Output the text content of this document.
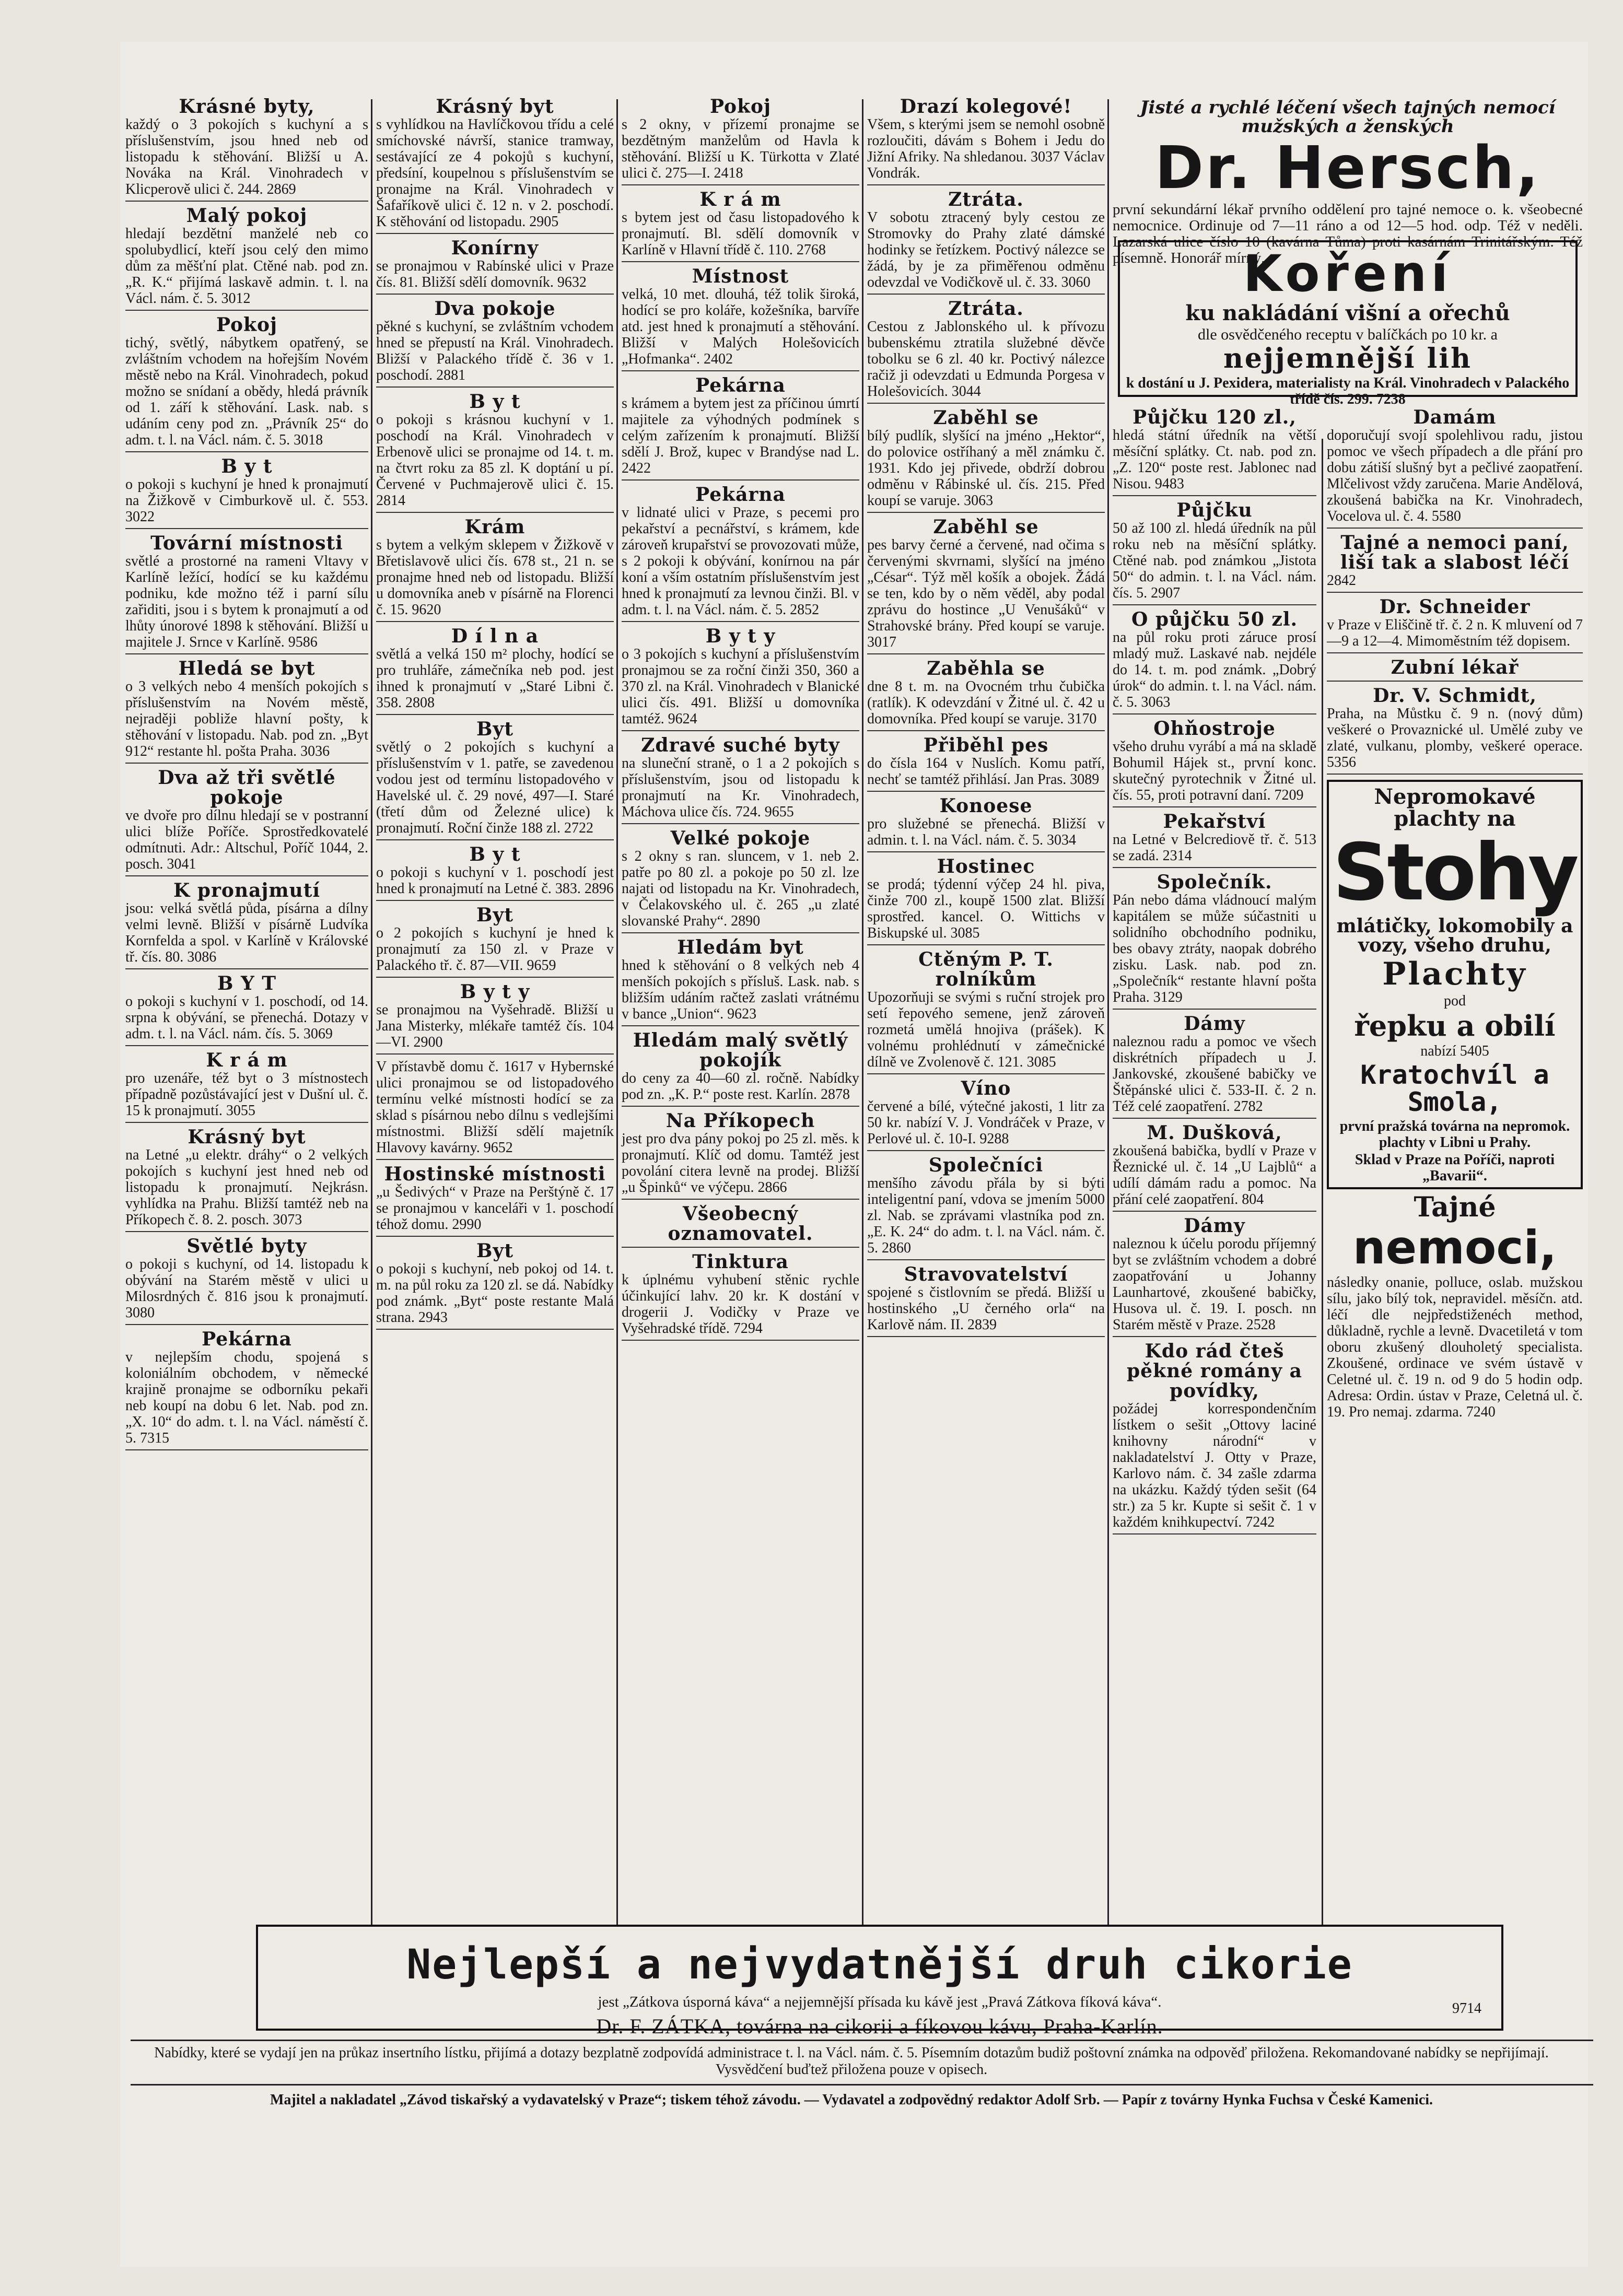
Krásné byty,
každý o 3 pokojích s kuchyní a s příslušenstvím, jsou hned neb od listopadu k stěhování. Bližší u A. Nováka na Král. Vinohradech v Klicperově ulici č. 244. 2869
Malý pokoj
hledají bezdětní manželé neb co spolubydlicí, kteří jsou celý den mimo dům za měšťní plat. Ctěné nab. pod zn. „R. K.“ přijímá laskavě admin. t. l. na Václ. nám. č. 5. 3012
Pokoj
tichý, světlý, nábytkem opatřený, se zvláštním vchodem na hořejším Novém městě nebo na Král. Vinohradech, pokud možno se snídaní a obědy, hledá právník od 1. září k stěhování. Lask. nab. s udáním ceny pod zn. „Právník 25“ do adm. t. l. na Václ. nám. č. 5. 3018
B y t
o pokoji s kuchyní je hned k pronajmutí na Žižkově v Cimburkově ul. č. 553. 3022
Tovární místnosti
světlé a prostorné na rameni Vltavy v Karlíně ležící, hodící se ku každému podniku, kde možno též i parní sílu zařiditi, jsou i s bytem k pronajmutí a od lhůty únorové 1898 k stěhování. Bližší u majitele J. Srnce v Karlíně. 9586
Hledá se byt
o 3 velkých nebo 4 menších pokojích s příslušenstvím na Novém městě, nejraději pobliže hlavní pošty, k stěhování v listopadu. Nab. pod zn. „Byt 912“ restante hl. pošta Praha. 3036
Dva až tři světlé pokoje
ve dvoře pro dílnu hledají se v postranní ulici blíže Poříče. Sprostředkovatelé odmítnuti. Adr.: Altschul, Poříč 1044, 2. posch. 3041
K pronajmutí
jsou: velká světlá půda, písárna a dílny velmi levně. Bližší v písárně Ludvíka Kornfelda a spol. v Karlíně v Královské tř. čís. 80. 3086
B Y T
o pokoji s kuchyní v 1. poschodí, od 14. srpna k obývání, se přenechá. Dotazy v adm. t. l. na Václ. nám. čís. 5. 3069
K r á m
pro uzenáře, též byt o 3 místnostech případně pozůstávající jest v Dušní ul. č. 15 k pronajmutí. 3055
Krásný byt
na Letné „u elektr. dráhy“ o 2 velkých pokojích s kuchyní jest hned neb od listopadu k pronajmutí. Nejkrásn. vyhlídka na Prahu. Bližší tamtéž neb na Příkopech č. 8. 2. posch. 3073
Světlé byty
o pokoji s kuchyní, od 14. listopadu k obývání na Starém městě v ulici u Milosrdných č. 816 jsou k pronajmutí. 3080
Pekárna
v nejlepším chodu, spojená s koloniálním obchodem, v německé krajině pronajme se odborníku pekaři neb koupí na dobu 6 let. Nab. pod zn. „X. 10“ do adm. t. l. na Václ. náměstí č. 5. 7315
Krásný byt
s vyhlídkou na Havlíčkovou třídu a celé smíchovské návrší, stanice tramway, sestávající ze 4 pokojů s kuchyní, předsíní, koupelnou s příslušenstvím se pronajme na Král. Vinohradech v Šafaříkově ulici č. 12 n. v 2. poschodí. K stěhování od listopadu. 2905
Konírny
se pronajmou v Rabínské ulici v Praze čís. 81. Bližší sdělí domovník. 9632
Dva pokoje
pěkné s kuchyní, se zvláštním vchodem hned se přepustí na Král. Vinohradech. Bližší v Palackého třídě č. 36 v 1. poschodí. 2881
B y t
o pokoji s krásnou kuchyní v 1. poschodí na Král. Vinohradech v Erbenově ulici se pronajme od 14. t. m. na čtvrt roku za 85 zl. K doptání u pí. Červené v Puchmajerově ulici č. 15. 2814
Krám
s bytem a velkým sklepem v Žižkově v Břetislavově ulici čís. 678 st., 21 n. se pronajme hned neb od listopadu. Bližší u domovníka aneb v písárně na Florenci č. 15. 9620
D í l n a
světlá a velká 150 m² plochy, hodící se pro truhláře, zámečníka neb pod. jest ihned k pronajmutí v „Staré Libni č. 358. 2808
Byt
světlý o 2 pokojích s kuchyní a příslušenstvím v 1. patře, se zavedenou vodou jest od termínu listopadového v Havelské ul. č. 29 nové, 497—I. Staré (třetí dům od Železné ulice) k pronajmutí. Roční činže 188 zl. 2722
B y t
o pokoji s kuchyní v 1. poschodí jest hned k pronajmutí na Letné č. 383. 2896
Byt
o 2 pokojích s kuchyní je hned k pronajmutí za 150 zl. v Praze v Palackého tř. č. 87—VII. 9659
B y t y
se pronajmou na Vyšehradě. Bližší u Jana Misterky, mlékaře tamtéž čís. 104—VI. 2900
V přístavbě domu č. 1617 v Hybernské ulici pronajmou se od listopadového termínu velké místnosti hodící se za sklad s písárnou nebo dílnu s vedlejšími místnostmi. Bližší sdělí majetník Hlavovy kavárny. 9652
Hostinské místnosti
„u Šedivých“ v Praze na Perštýně č. 17 se pronajmou v kanceláři v 1. poschodí téhož domu. 2990
Byt
o pokoji s kuchyní, neb pokoj od 14. t. m. na půl roku za 120 zl. se dá. Nabídky pod známk. „Byt“ poste restante Malá strana. 2943
Pokoj
s 2 okny, v přízemí pronajme se bezdětným manželům od Havla k stěhování. Bližší u K. Türkotta v Zlaté ulici č. 275—I. 2418
K r á m
s bytem jest od času listopadového k pronajmutí. Bl. sdělí domovník v Karlíně v Hlavní třídě č. 110. 2768
Místnost
velká, 10 met. dlouhá, též tolik široká, hodící se pro koláře, kožešníka, barvíře atd. jest hned k pronajmutí a stěhování. Bližší v Malých Holešovicích „Hofmanka“. 2402
Pekárna
s krámem a bytem jest za příčinou úmrtí majitele za výhodných podmínek s celým zařízením k pronajmutí. Bližší sdělí J. Brož, kupec v Brandýse nad L. 2422
Pekárna
v lidnaté ulici v Praze, s pecemi pro pekařství a pecnářství, s krámem, kde zároveň krupařství se provozovati může, s 2 pokoji k obývání, konírnou na pár koní a vším ostatním příslušenstvím jest hned k pronajmutí za levnou činži. Bl. v adm. t. l. na Václ. nám. č. 5. 2852
B y t y
o 3 pokojích s kuchyní a příslušenstvím pronajmou se za roční činži 350, 360 a 370 zl. na Král. Vinohradech v Blanické ulici čís. 491. Bližší u domovníka tamtéž. 9624
Zdravé suché byty
na sluneční straně, o 1 a 2 pokojích s příslušenstvím, jsou od listopadu k pronajmutí na Kr. Vinohradech, Máchova ulice čís. 724. 9655
Velké pokoje
s 2 okny s ran. sluncem, v 1. neb 2. patře po 80 zl. a pokoje po 50 zl. lze najati od listopadu na Kr. Vinohradech, v Čelakovského ul. č. 265 „u zlaté slovanské Prahy“. 2890
Hledám byt
hned k stěhování o 8 velkých neb 4 menších pokojích s přísluš. Lask. nab. s bližším udáním račtež zaslati vrátnému v bance „Union“. 9623
Hledám malý světlý pokojík
do ceny za 40—60 zl. ročně. Nabídky pod zn. „K. P.“ poste rest. Karlín. 2878
Na Příkopech
jest pro dva pány pokoj po 25 zl. měs. k pronajmutí. Klíč od domu. Tamtéž jest povolání citera levně na prodej. Bližší „u Špinků“ ve výčepu. 2866
Všeobecný oznamovatel.
Tinktura
k úplnému vyhubení stěnic rychle účinkující lahv. 20 kr. K dostání v drogerii J. Vodičky v Praze ve Vyšehradské třídě. 7294
Drazí kolegové!
Všem, s kterými jsem se nemohl osobně rozloučiti, dávám s Bohem i Jedu do Jižní Afriky. Na shledanou. 3037 Václav Vondrák.
Ztráta.
V sobotu ztracený byly cestou ze Stromovky do Prahy zlaté dámské hodinky se řetízkem. Poctivý nálezce se žádá, by je za přiměřenou odměnu odevzdal ve Vodičkově ul. č. 33. 3060
Ztráta.
Cestou z Jablonského ul. k přívozu bubenskému ztratila služebné děvče tobolku se 6 zl. 40 kr. Poctivý nálezce račiž ji odevzdati u Edmunda Porgesa v Holešovicích. 3044
Zaběhl se
bílý pudlík, slyšící na jméno „Hektor“, do polovice ostříhaný a měl známku č. 1931. Kdo jej přivede, obdrží dobrou odměnu v Rábinské ul. čís. 215. Před koupí se varuje. 3063
Zaběhl se
pes barvy černé a červené, nad očima s červenými skvrnami, slyšící na jméno „César“. Týž měl košík a obojek. Žádá se ten, kdo by o něm věděl, aby podal zprávu do hostince „U Venušáků“ v Strahovské brány. Před koupí se varuje. 3017
Zaběhla se
dne 8 t. m. na Ovocném trhu čubička (ratlík). K odevzdání v Žitné ul. č. 42 u domovníka. Před koupí se varuje. 3170
Přiběhl pes
do čísla 164 v Nuslích. Komu patří, nechť se tamtéž přihlásí. Jan Pras. 3089
Konoese
pro služebné se přenechá. Bližší v admin. t. l. na Václ. nám. č. 5. 3034
Hostinec
se prodá; týdenní výčep 24 hl. piva, činže 700 zl., koupě 1500 zlat. Bližší sprostřed. kancel. O. Wittichs v Biskupské ul. 3085
Ctěným P. T. rolníkům
Upozorňuji se svými s ruční strojek pro setí řepového semene, jenž zároveň rozmetá umělá hnojiva (prášek). K volnému prohlédnutí v zámečnické dílně ve Zvolenově č. 121. 3085
Víno
červené a bílé, výtečné jakosti, 1 litr za 50 kr. nabízí V. J. Vondráček v Praze, v Perlové ul. č. 10-I. 9288
Společníci
menšího závodu přála by si býti inteligentní paní, vdova se jmením 5000 zl. Nab. se zprávami vlastníka pod zn. „E. K. 24“ do adm. t. l. na Václ. nám. č. 5. 2860
Stravovatelství
spojené s čistlovním se předá. Bližší u hostinského „U černého orla“ na Karlově nám. II. 2839
Jisté a rychlé léčení všech tajných nemocí mužských a ženských
Dr. Hersch,
první sekundární lékař prvního oddělení pro tajné nemoce o. k. všeobecné nemocnice. Ordinuje od 7—11 ráno a od 12—5 hod. odp. Též v neděli. Lazarská ulice číslo 10 (kavárna Tůma) proti kasárnám Trinitářským. Též písemně. Honorář mírný.
Koření
ku nakládání višní a ořechů
dle osvědčeného receptu v balíčkách po 10 kr. a
nejjemnější lih
k dostání u J. Pexidera, materialisty na Král. Vinohradech v Palackého třídě čís. 299. 7238
Půjčku 120 zl.,
hledá státní úředník na větší měsíční splátky. Ct. nab. pod zn. „Z. 120“ poste rest. Jablonec nad Nisou. 9483
Půjčku
50 až 100 zl. hledá úředník na půl roku neb na měsíční splátky. Ctěné nab. pod známkou „Jistota 50“ do admin. t. l. na Václ. nám. čís. 5. 2907
O půjčku 50 zl.
na půl roku proti záruce prosí mladý muž. Laskavé nab. nejdéle do 14. t. m. pod známk. „Dobrý úrok“ do admin. t. l. na Václ. nám. č. 5. 3063
Ohňostroje
všeho druhu vyrábí a má na skladě Bohumil Hájek st., první konc. skutečný pyrotechnik v Žitné ul. čís. 55, proti potravní daní. 7209
Pekařství
na Letné v Belcrediově tř. č. 513 se zadá. 2314
Společník.
Pán nebo dáma vládnoucí malým kapitálem se může súčastniti u solidního obchodního podniku, bes obavy ztráty, naopak dobrého zisku. Lask. nab. pod zn. „Společník“ restante hlavní pošta Praha. 3129
Dámy
naleznou radu a pomoc ve všech diskrétních případech u J. Jankovské, zkoušené babičky ve Štěpánské ulici č. 533-II. č. 2 n. Též celé zaopatření. 2782
M. Dušková,
zkoušená babička, bydlí v Praze v Řeznické ul. č. 14 „U Lajblů“ a udílí dámám radu a pomoc. Na přání celé zaopatření. 804
Dámy
naleznou k účelu porodu příjemný byt se zvláštním vchodem a dobré zaopatřování u Johanny Launhartové, zkoušené babičky, Husova ul. č. 19. I. posch. nn Starém městě v Praze. 2528
Kdo rád čteš pěkné romány a povídky,
požádej korrespondenčním lístkem o sešit „Ottovy laciné knihovny národní“ v nakladatelství J. Otty v Praze, Karlovo nám. č. 34 zašle zdarma na ukázku. Každý týden sešit (64 str.) za 5 kr. Kupte si sešit č. 1 v každém knihkupectví. 7242
Damám
doporučují svojí spolehlivou radu, jistou pomoc ve všech případech a dle přání pro dobu zátiší slušný byt a pečlivé zaopatření. Mlčelivost vždy zaručena. Marie Andělová, zkoušená babička na Kr. Vinohradech, Vocelova ul. č. 4. 5580
Tajné a nemoci paní, liší tak a slabost léčí
2842
Dr. Schneider
v Praze v Eliščině tř. č. 2 n. K mluvení od 7—9 a 12—4. Mimoměstním též dopisem.
Zubní lékař
Dr. V. Schmidt,
Praha, na Můstku č. 9 n. (nový dům) veškeré o Provaznické ul. Umělé zuby ve zlaté, vulkanu, plomby, veškeré operace. 5356
Nepromokavé plachty na
Stohy
mlátičky, lokomobily a vozy, všeho druhu,
Plachty
pod
řepku a obilí
nabízí 5405
Kratochvíl a Smola,
první pražská továrna na nepromok. plachty v Libni u Prahy.
Sklad v Praze na Poříči, naproti „Bavarii“.
Tajné
nemoci,
následky onanie, polluce, oslab. mužskou sílu, jako bílý tok, nepravidel. měsíčn. atd. léčí dle nejpředstiženéch method, důkladně, rychle a levně. Dvacetiletá v tom oboru zkušený dlouholetý specialista. Zkoušené, ordinace ve svém ústavě v Celetné ul. č. 19 n. od 9 do 5 hodin odp. Adresa: Ordin. ústav v Praze, Celetná ul. č. 19. Pro nemaj. zdarma. 7240
Nejlepší a nejvydatnější druh cikorie
jest „Zátkova úsporná káva“ a nejjemnější přísada ku kávě jest „Pravá Zátkova fíková káva“.
Dr. F. ZÁTKA, továrna na cikorii a fíkovou kávu, Praha-Karlín.
9714
Nabídky, které se vydají jen na průkaz insertního lístku, přijímá a dotazy bezplatně zodpovídá administrace t. l. na Václ. nám. č. 5. Písemním dotazům budiž poštovní známka na odpověď přiložena. Rekomandované nabídky se nepřijímají. Vysvědčení buďtež přiložena pouze v opisech.
Majitel a nakladatel „Závod tiskařský a vydavatelský v Praze“; tiskem téhož závodu. — Vydavatel a zodpovědný redaktor Adolf Srb. — Papír z továrny Hynka Fuchsa v České Kamenici.
